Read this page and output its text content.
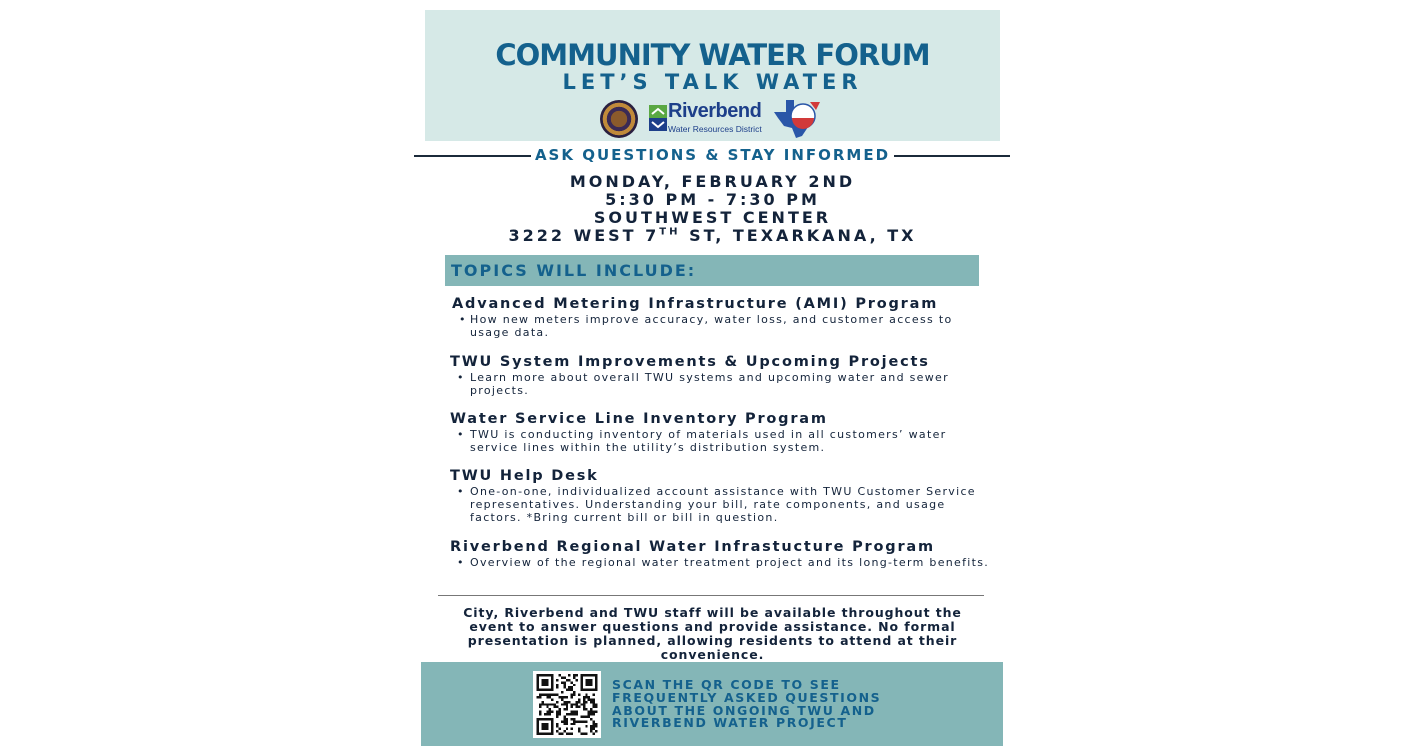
COMMUNITY WATER FORUM
LET’S TALK WATER
Riverbend
Water Resources District
ASK QUESTIONS & STAY INFORMED
MONDAY, FEBRUARY 2ND
5:30 PM - 7:30 PM
SOUTHWEST CENTER
3222 WEST 7TH ST, TEXARKANA, TX
TOPICS WILL INCLUDE:
Advanced Metering Infrastructure (AMI) Program
• How new meters improve accuracy, water loss, and customer access to usage data.
TWU System Improvements & Upcoming Projects
• Learn more about overall TWU systems and upcoming water and sewer projects.
Water Service Line Inventory Program
• TWU is conducting inventory of materials used in all customers’ water service lines within the utility’s distribution system.
TWU Help Desk
• One-on-one, individualized account assistance with TWU Customer Service representatives. Understanding your bill, rate components, and usage factors. *Bring current bill or bill in question.
Riverbend Regional Water Infrastucture Program
• Overview of the regional water treatment project and its long-term benefits.
City, Riverbend and TWU staff will be available throughout the event to answer questions and provide assistance. No formal presentation is planned, allowing residents to attend at their convenience.
SCAN THE QR CODE TO SEE
FREQUENTLY ASKED QUESTIONS
ABOUT THE ONGOING TWU AND
RIVERBEND WATER PROJECT
